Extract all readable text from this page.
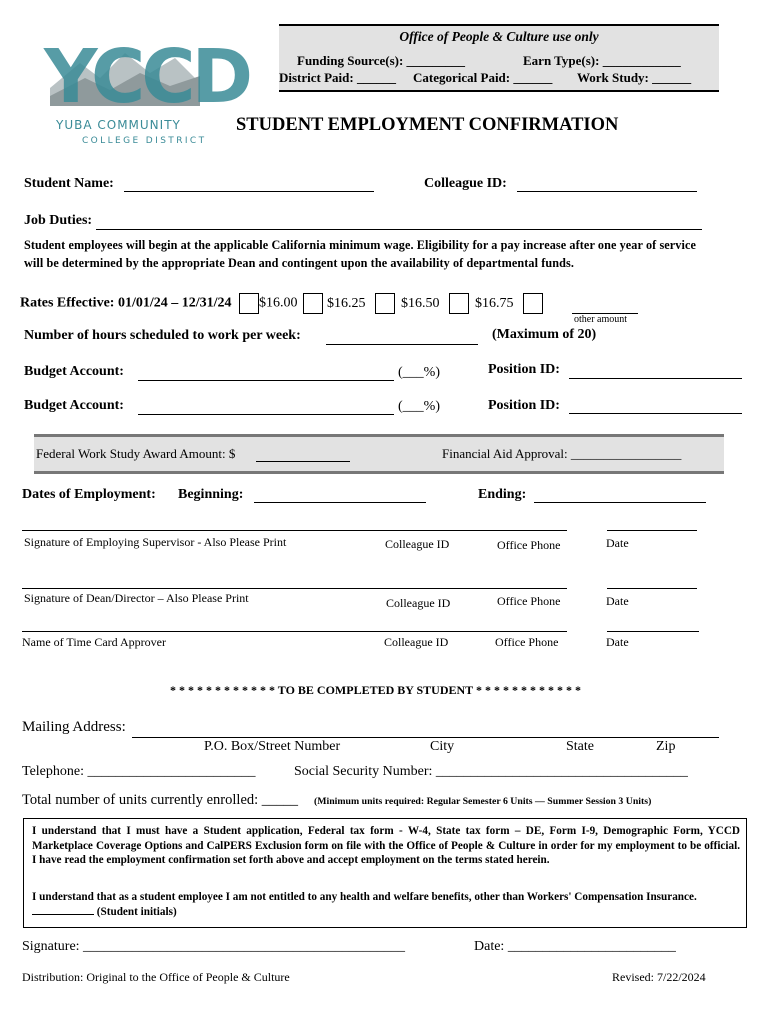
YCCD
YUBA COMMUNITY
COLLEGE DISTRICT
Office of People & Culture use only
Funding Source(s): _________	Earn Type(s): ____________
District Paid: ______ Categorical Paid: ______ Work Study: ______
STUDENT EMPLOYMENT CONFIRMATION
Student Name:	Colleague ID:
Job Duties:
Student employees will begin at the applicable California minimum wage. Eligibility for a pay increase after one year of service will be determined by the appropriate Dean and contingent upon the availability of departmental funds.
Rates Effective: 01/01/24 – 12/31/24 $16.00 $16.25	$16.50	$16.75
other amount
Number of hours scheduled to work per week:	(Maximum of 20)
Budget Account:	(___%)	Position ID:
Budget Account:	(___%)	Position ID:
Federal Work Study Award Amount: $	Financial Aid Approval: _________________
Dates of Employment: Beginning:	Ending:
Signature of Employing Supervisor - Also Please Print	Colleague ID	Office Phone	Date
Signature of Dean/Director – Also Please Print	Colleague ID	Office Phone	Date
Name of Time Card Approver	Colleague ID	Office Phone	Date
* * * * * * * * * * * * TO BE COMPLETED BY STUDENT * * * * * * * * * * * *
Mailing Address:
P.O. Box/Street Number	City	State	Zip
Telephone: ________________________	Social Security Number: ____________________________________
Total number of units currently enrolled: _____ (Minimum units required: Regular Semester 6 Units — Summer Session 3 Units)
I understand that I must have a Student application, Federal tax form - W-4, State tax form – DE, Form I-9, Demographic Form, YCCD Marketplace Coverage Options and CalPERS Exclusion form on file with the Office of People & Culture in order for my employment to be official. I have read the employment confirmation set forth above and accept employment on the terms stated herein.
I understand that as a student employee I am not entitled to any health and welfare benefits, other than Workers' Compensation Insurance.  (Student initials)
Signature: ______________________________________________	Date: ________________________
Distribution: Original to the Office of People & Culture	Revised: 7/22/2024
